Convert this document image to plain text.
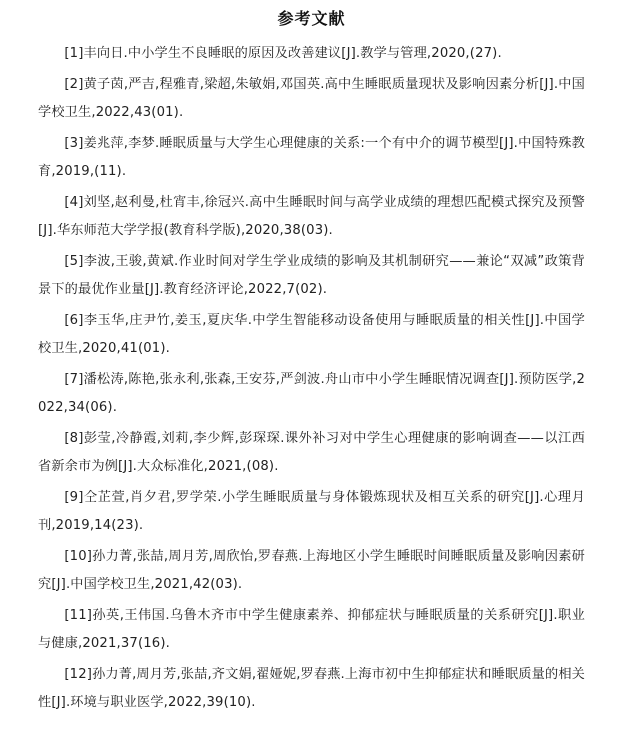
参考文献

[1]丰向日.中小学生不良睡眠的原因及改善建议[J].教学与管理,2020,(27).

[2]黄子茵,严吉,程雅青,梁超,朱敏娟,邓国英.高中生睡眠质量现状及影响因素分析[J].中国学校卫生,2022,43(01).

[3]姜兆萍,李梦.睡眠质量与大学生心理健康的关系:一个有中介的调节模型[J].中国特殊教育,2019,(11).

[4]刘坚,赵利曼,杜宵丰,徐冠兴.高中生睡眠时间与高学业成绩的理想匹配模式探究及预警[J].华东师范大学学报(教育科学版),2020,38(03).

[5]李波,王骏,黄斌.作业时间对学生学业成绩的影响及其机制研究——兼论“双减”政策背景下的最优作业量[J].教育经济评论,2022,7(02).

[6]李玉华,庄尹竹,姜玉,夏庆华.中学生智能移动设备使用与睡眠质量的相关性[J].中国学校卫生,2020,41(01).

[7]潘松涛,陈艳,张永利,张森,王安芬,严剑波.舟山市中小学生睡眠情况调查[J].预防医学,2022,34(06).

[8]彭莹,冷静霞,刘莉,李少辉,彭琛琛.课外补习对中学生心理健康的影响调查——以江西省新余市为例[J].大众标准化,2021,(08).

[9]仝芷萱,肖夕君,罗学荣.小学生睡眠质量与身体锻炼现状及相互关系的研究[J].心理月刊,2019,14(23).

[10]孙力菁,张喆,周月芳,周欣怡,罗春燕.上海地区小学生睡眠时间睡眠质量及影响因素研究[J].中国学校卫生,2021,42(03).

[11]孙英,王伟国.乌鲁木齐市中学生健康素养、抑郁症状与睡眠质量的关系研究[J].职业与健康,2021,37(16).

[12]孙力菁,周月芳,张喆,齐文娟,翟娅妮,罗春燕.上海市初中生抑郁症状和睡眠质量的相关性[J].环境与职业医学,2022,39(10).
